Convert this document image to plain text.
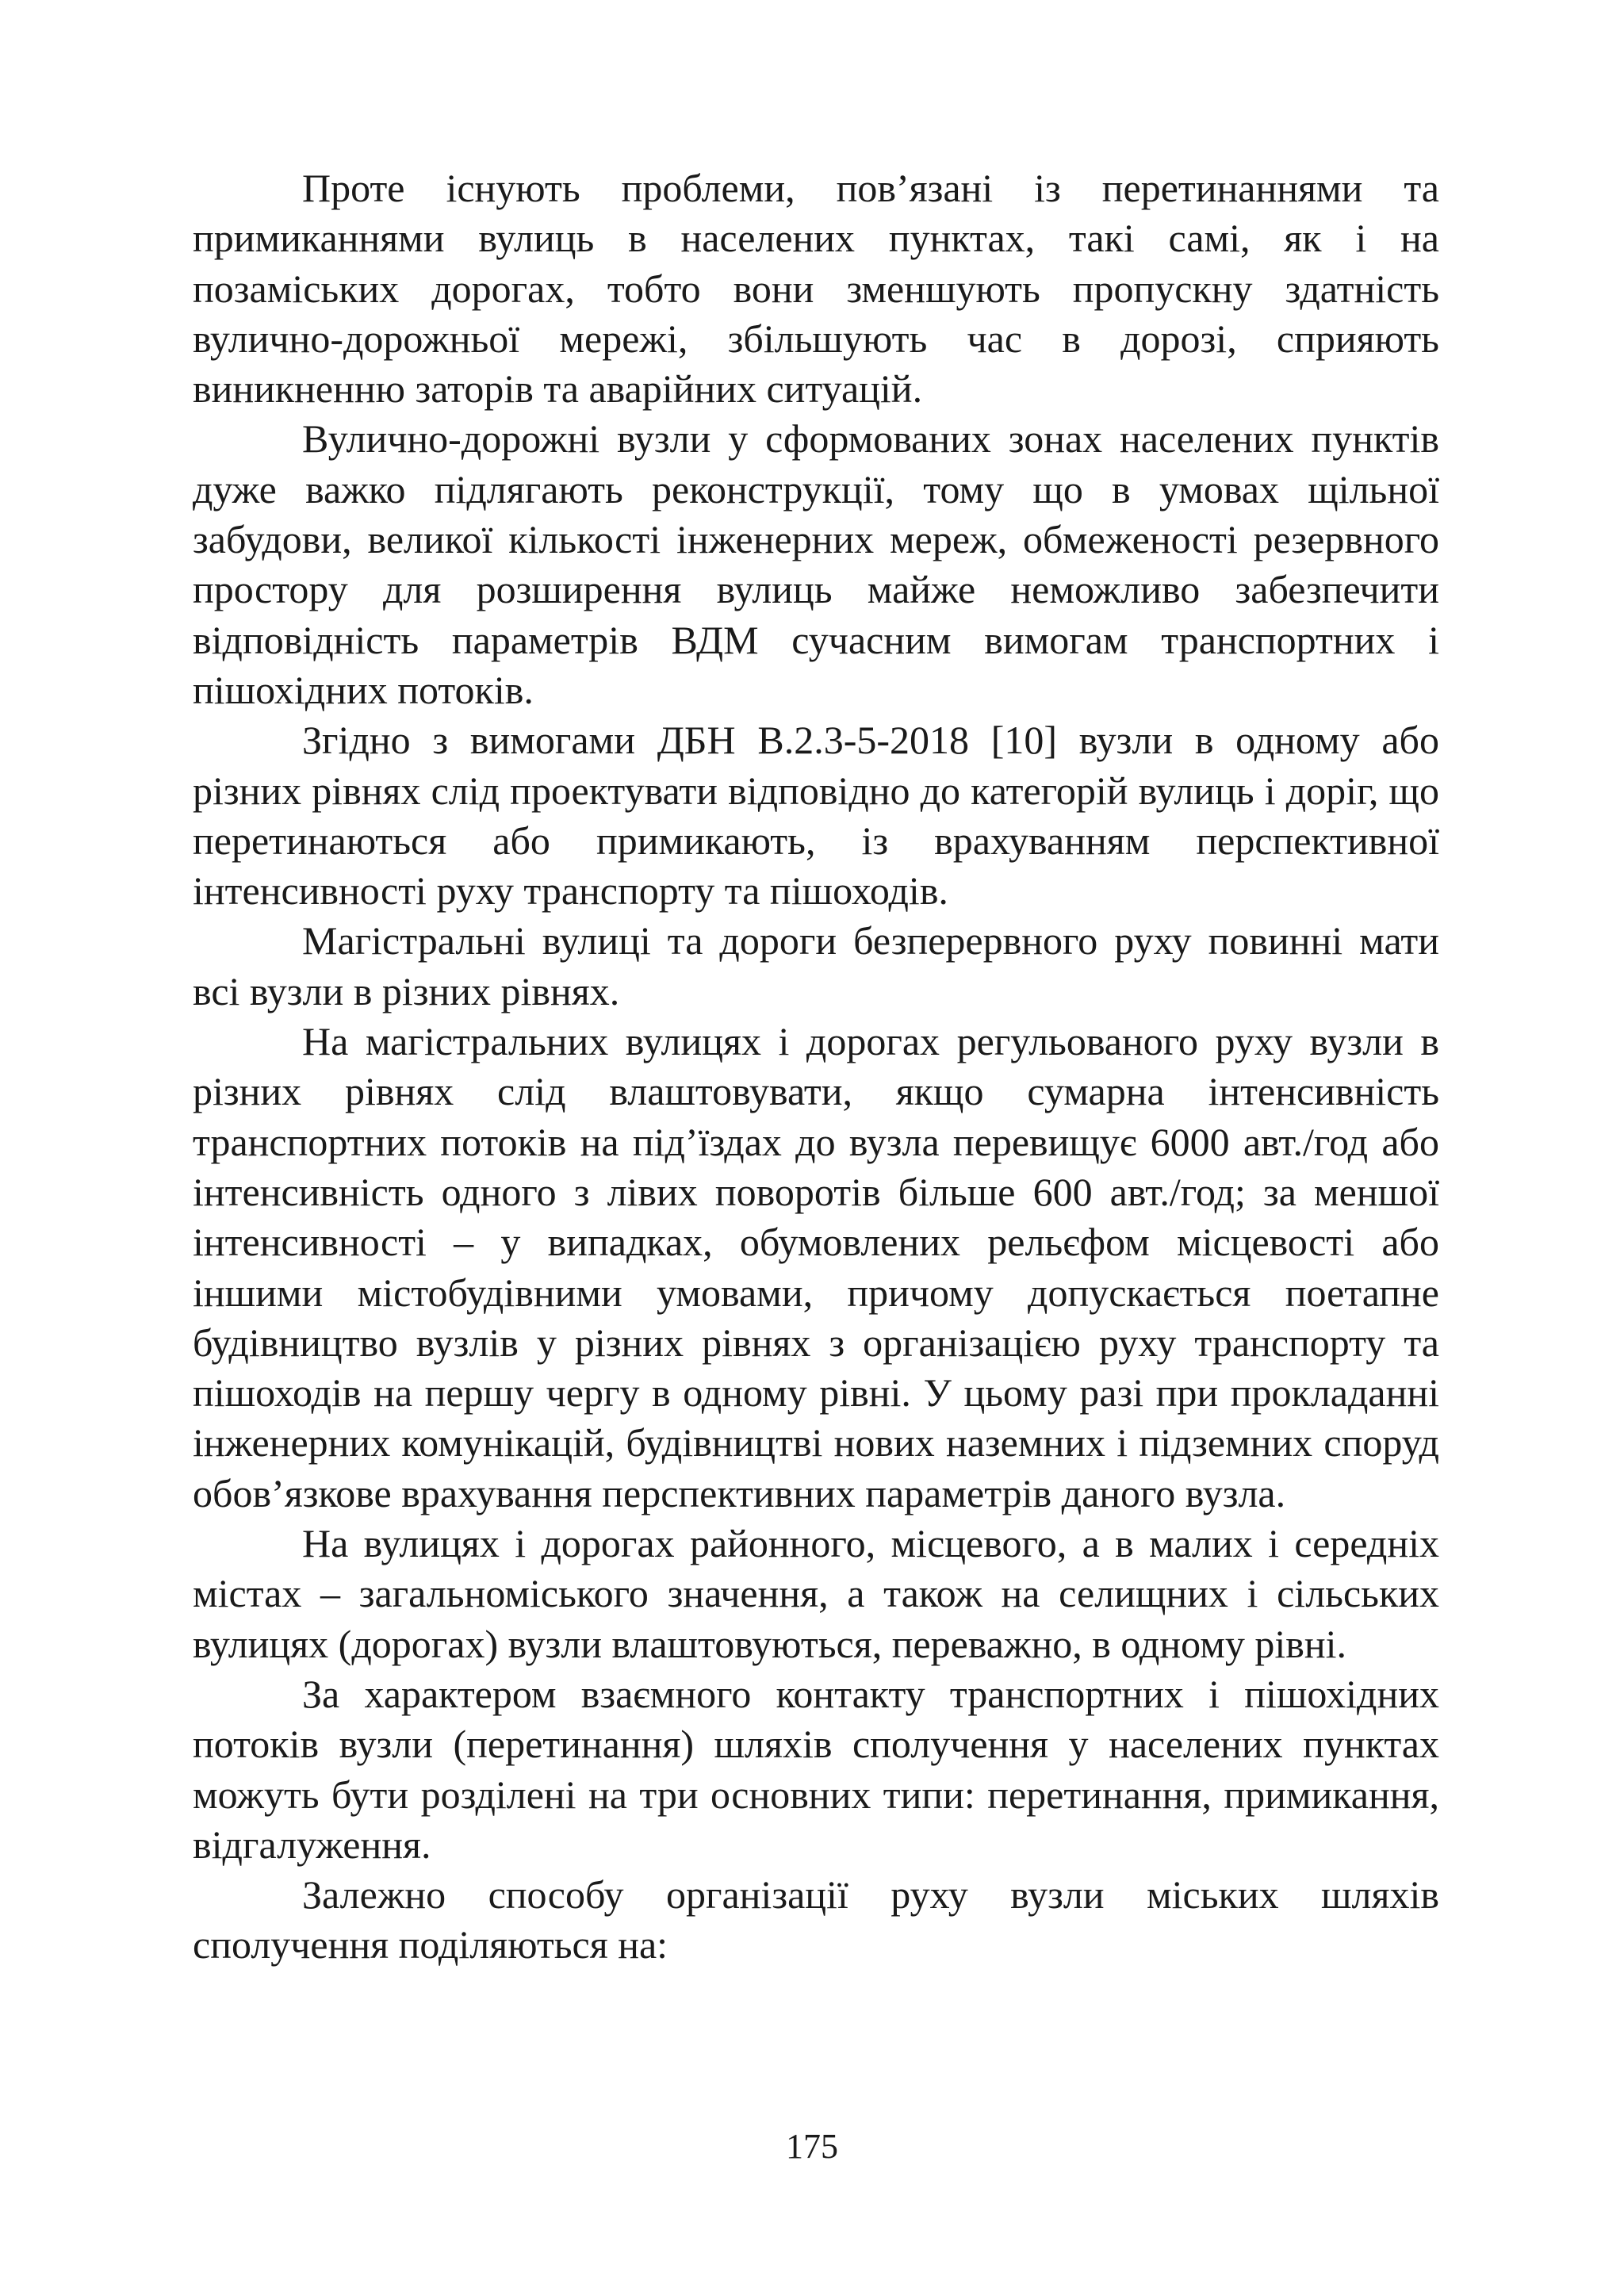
Проте існують проблеми, пов’язані із перетинаннями та примиканнями вулиць в населених пунктах, такі самі, як і на позаміських дорогах, тобто вони зменшують пропускну здатність вулично-дорожньої мережі, збільшують час в дорозі, сприяють виникненню заторів та аварійних ситуацій.

Вулично-дорожні вузли у сформованих зонах населених пунктів дуже важко підлягають реконструкції, тому що в умовах щільної забудови, великої кількості інженерних мереж, обмеженості резервного простору для розширення вулиць майже неможливо забезпечити відповідність параметрів ВДМ сучасним вимогам транспортних і пішохідних потоків.

Згідно з вимогами ДБН В.2.3-5-2018 [10] вузли в одному або різних рівнях слід проектувати відповідно до категорій вулиць і доріг, що перетинаються або примикають, із врахуванням перспективної інтенсивності руху транспорту та пішоходів.

Магістральні вулиці та дороги безперервного руху повинні мати всі вузли в різних рівнях.

На магістральних вулицях і дорогах регульованого руху вузли в різних рівнях слід влаштовувати, якщо сумарна інтенсивність транспортних потоків на під’їздах до вузла перевищує 6000 авт./год або інтенсивність одного з лівих поворотів більше 600 авт./год; за меншої інтенсивності – у випадках, обумовлених рельєфом місцевості або іншими містобудівними умовами, причому допускається поетапне будівництво вузлів у різних рівнях з організацією руху транспорту та пішоходів на першу чергу в одному рівні. У цьому разі при прокладанні інженерних комунікацій, будівництві нових наземних і підземних споруд обов’язкове врахування перспективних параметрів даного вузла.

На вулицях і дорогах районного, місцевого, а в малих і середніх містах – загальноміського значення, а також на селищних і сільських вулицях (дорогах) вузли влаштовуються, переважно, в одному рівні.

За характером взаємного контакту транспортних і пішохідних потоків вузли (перетинання) шляхів сполучення у населених пунктах можуть бути розділені на три основних типи: перетинання, примикання, відгалуження.

Залежно способу організації руху вузли міських шляхів сполучення поділяються на:

175
